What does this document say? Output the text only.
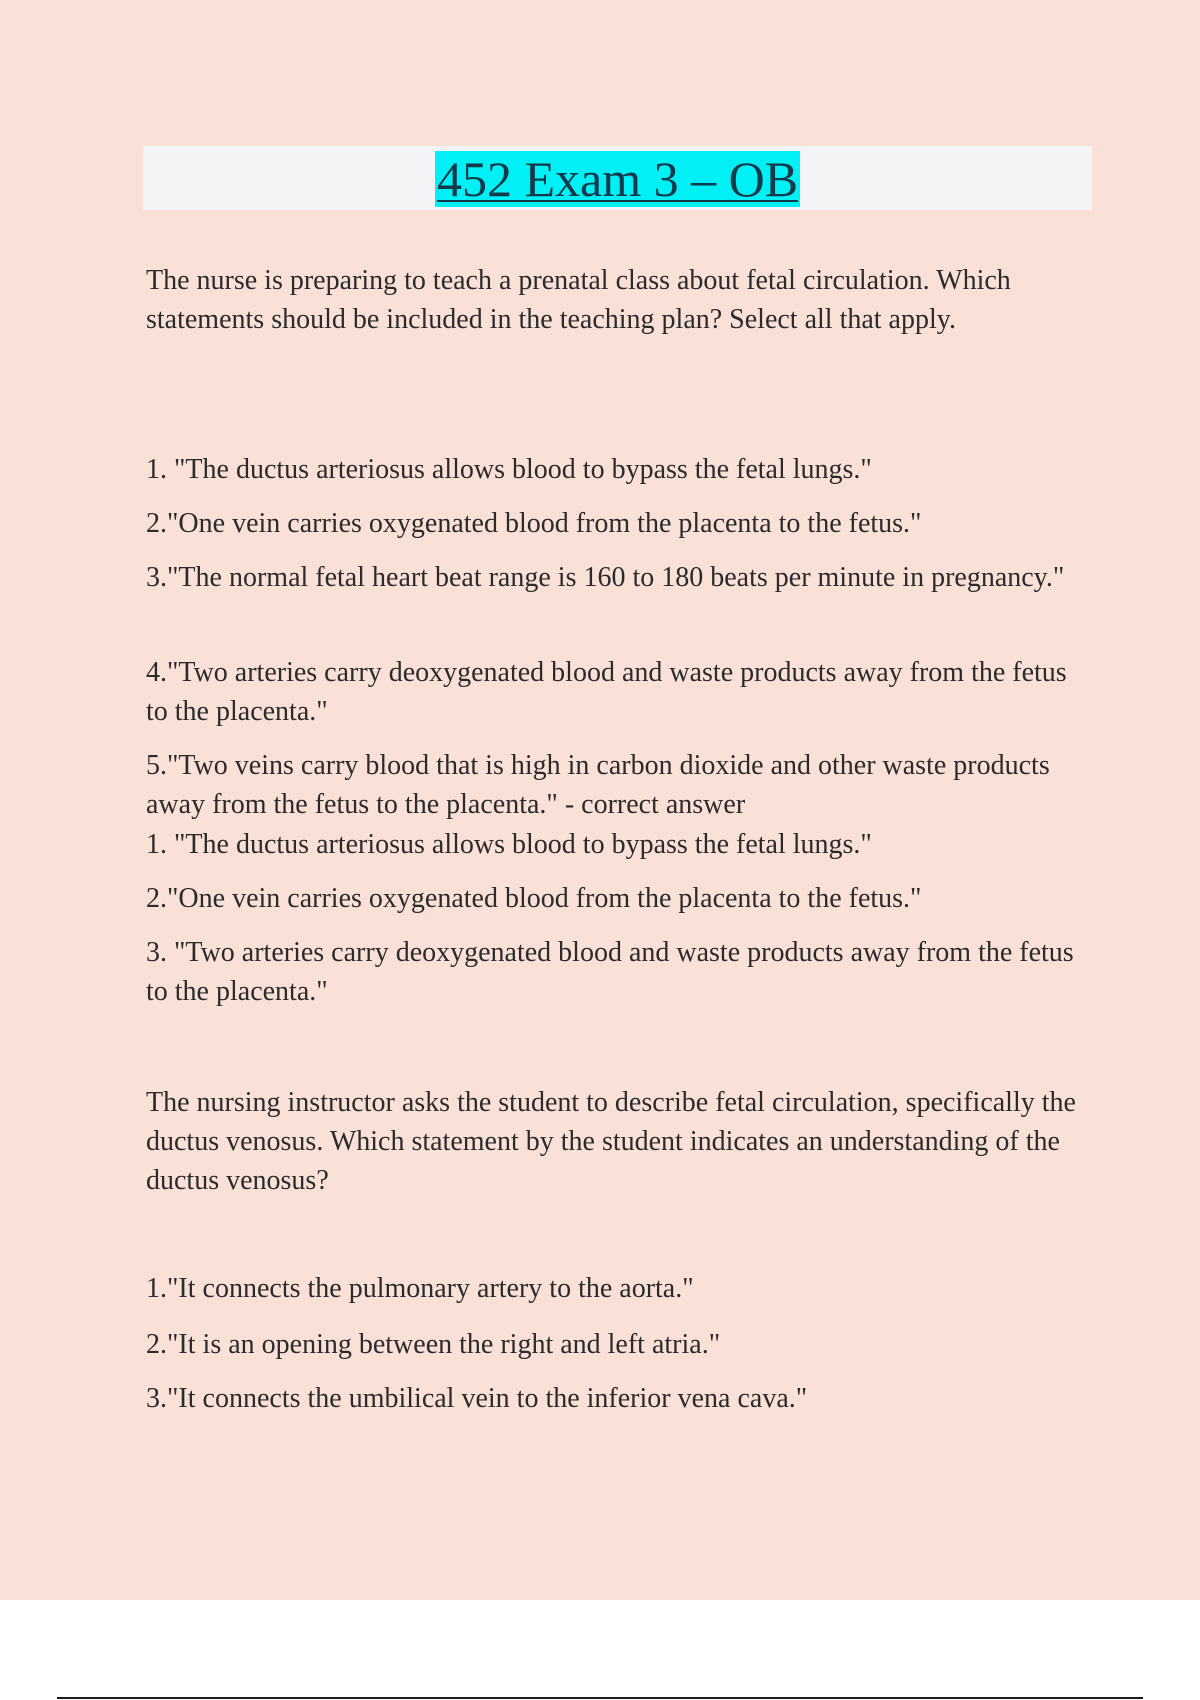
452 Exam 3 – OB

The nurse is preparing to teach a prenatal class about fetal circulation. Which statements should be included in the teaching plan? Select all that apply.

1. "The ductus arteriosus allows blood to bypass the fetal lungs."

2."One vein carries oxygenated blood from the placenta to the fetus."

3."The normal fetal heart beat range is 160 to 180 beats per minute in pregnancy."

4."Two arteries carry deoxygenated blood and waste products away from the fetus to the placenta."

5."Two veins carry blood that is high in carbon dioxide and other waste products away from the fetus to the placenta." - correct answer

1. "The ductus arteriosus allows blood to bypass the fetal lungs."

2."One vein carries oxygenated blood from the placenta to the fetus."

3. "Two arteries carry deoxygenated blood and waste products away from the fetus to the placenta."

The nursing instructor asks the student to describe fetal circulation, specifically the ductus venosus. Which statement by the student indicates an understanding of the ductus venosus?

1."It connects the pulmonary artery to the aorta."

2."It is an opening between the right and left atria."

3."It connects the umbilical vein to the inferior vena cava."
